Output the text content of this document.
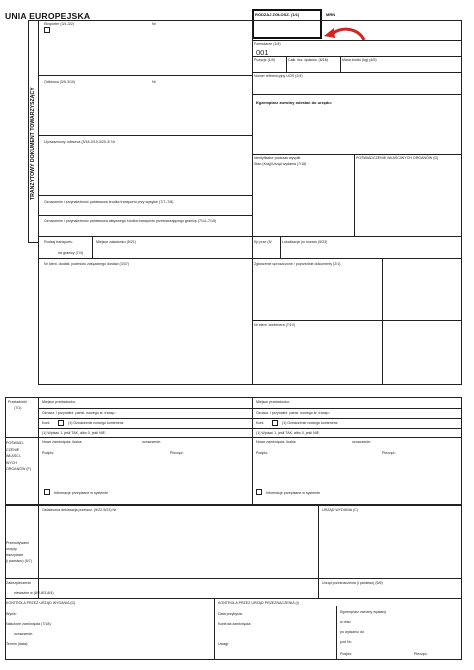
UNIA EUROPEJSKA	RODZAJ ZGŁOSZ. (1/1)	MRN
TRANZYTOWY DOKUMENT TOWARZYSZĄCY
Eksporter (3/1-3/2)	Nr
Formularze (1/4)
001
Pozycje (1/9)	Całk. licz. opakow. (6/18)	Masa brutto (kg) (4/5)
Odbiorca (3/9-3/10)	Nr
Numer referencyjny UCR (2/4)
Egzemplarz zwrotny odesłać do urzędu:
Upoważniony odbiorca (3/18-3/19-3/20-3/ Nr
Identyfikator podczas wysyłki	POŚWIADCZENIE WŁAŚCIWYCH ORGANÓW (D)
Stan (Kraj)/Urząd wydania (7/18)
Oznaczenie i przynależność państwowa środka transportu przy wysyłce (7/7–7/8)
Oznaczenie i przynależność państwowa aktywnego środka transportu przekraczającego granicę (7/14–7/15)
Rodzaj transportu
na granicy (7/4)
Miejsce załadunku (5/21)	Kp prze (5/	Lokalizacja (nr towaru (5/23)
Nr ident. dodatk. podmiotu związanego dostaw (3/37)	Zgłoszenie uproszczone / poprzednie dokumenty (2/1)
Nr ident. kontenera (7/10)
Przeładunki
(7/1)
Miejsce przeładunku:	Miejsce przeładunku:
Oznacz. i przynależ. państ. nowego śr. transp.:	Oznacz. i przynależ. państ. nowego śr. transp.:
Kont.	(1) Oznaczenie nowego kontenera:	Kont.	(1) Oznaczenie nowego kontenera:
(1) Wpisać 1, jeśli TAK, albo 0, jeśli NIE.	(1) Wpisać 1, jeśli TAK, albo 0, jeśli NIE.
POŚWIAD-
CZENIE
WŁAŚCI-
WYCH
ORGANÓW (F)
Nowe zamknięcia: liczba:	oznaczenie:	Nowe zamknięcia: liczba:	oznaczenie:
Podpis:	Pieczęć:	Podpis:	Pieczęć:
Informacje przepisane w systemie	Informacje przepisane w systemie
Ostateczna deklaracja przewoź. (5/22-5/23) Nr	URZĄD WYDANIA (C)
Przewidywane
urzędy
tranzytowe
(i państwo) (5/7)
Zabezpieczenie
nieważne w (8/2-8/3-8/4)
Urząd przeznaczenia (i państwo) (5/6)
KONTROLA PRZEZ URZĄD WYDANIA (D)
Wynik:
Nałożone zamknięcia (7/18):
oznaczenie:
Termin (data):
KONTROLA PRZEZ URZĄD PRZEZNACZENIA (I)
Data przybycia:
Kontrola zamknięcia:
Uwagi:
Egzemplarz zwrotny wysłany
w dniu:
po wpisaniu do
pod Nr:
Podpis:	Pieczęć:
